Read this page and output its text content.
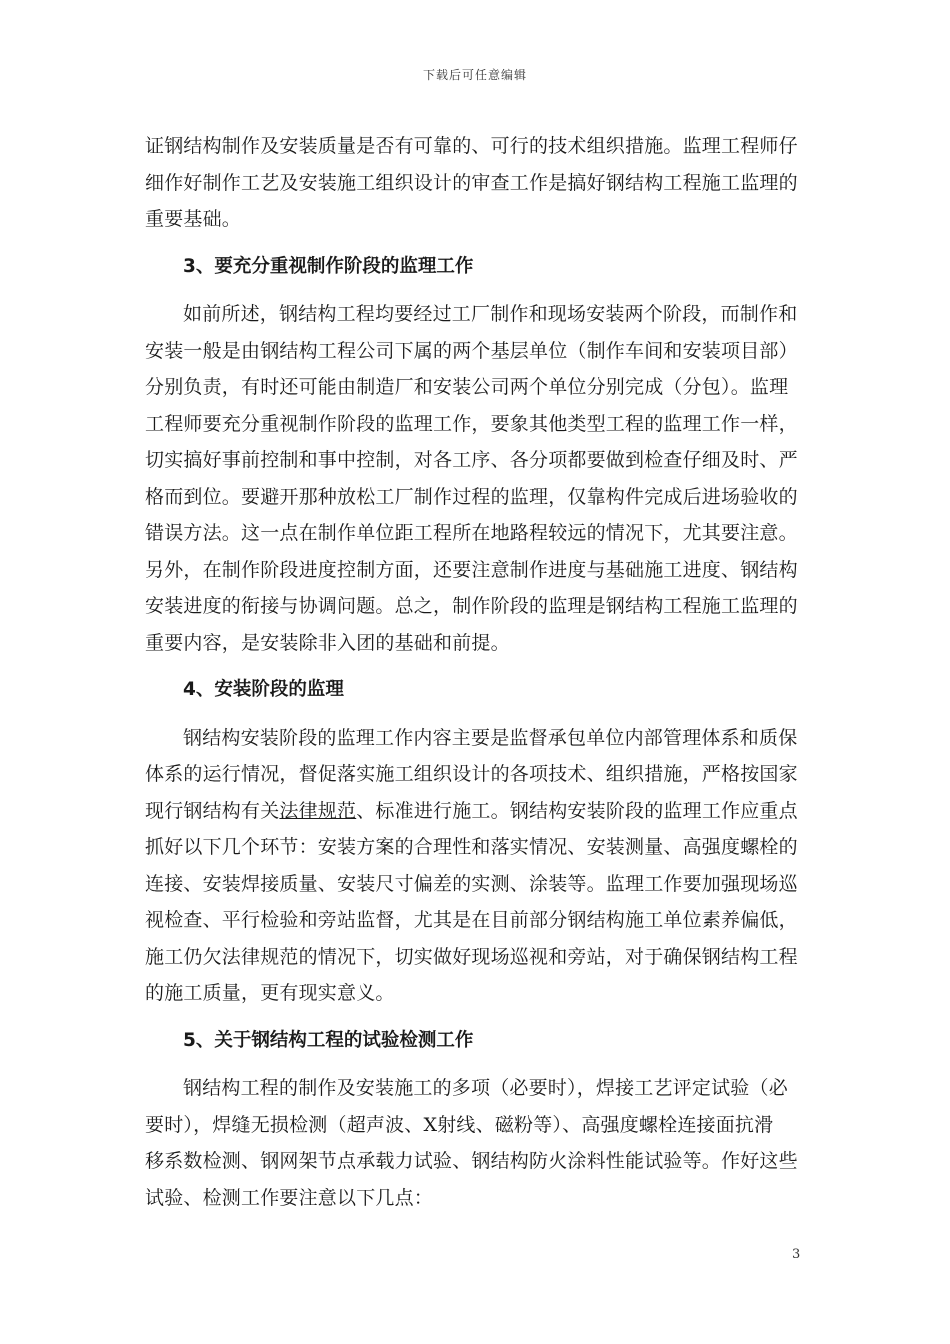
下载后可任意编辑
证钢结构制作及安装质量是否有可靠的、可行的技术组织措施。监理工程师仔
细作好制作工艺及安装施工组织设计的审查工作是搞好钢结构工程施工监理的
重要基础。
3、要充分重视制作阶段的监理工作
如前所述，钢结构工程均要经过工厂制作和现场安装两个阶段，而制作和
安装一般是由钢结构工程公司下属的两个基层单位（制作车间和安装项目部）
分别负责，有时还可能由制造厂和安装公司两个单位分别完成（分包）。监理
工程师要充分重视制作阶段的监理工作，要象其他类型工程的监理工作一样，
切实搞好事前控制和事中控制，对各工序、各分项都要做到检查仔细及时、严
格而到位。要避开那种放松工厂制作过程的监理，仅靠构件完成后进场验收的
错误方法。这一点在制作单位距工程所在地路程较远的情况下，尤其要注意。
另外，在制作阶段进度控制方面，还要注意制作进度与基础施工进度、钢结构
安装进度的衔接与协调问题。总之，制作阶段的监理是钢结构工程施工监理的
重要内容，是安装除非入团的基础和前提。
4、安装阶段的监理
钢结构安装阶段的监理工作内容主要是监督承包单位内部管理体系和质保
体系的运行情况，督促落实施工组织设计的各项技术、组织措施，严格按国家
现行钢结构有关法律规范、标准进行施工。钢结构安装阶段的监理工作应重点
抓好以下几个环节：安装方案的合理性和落实情况、安装测量、高强度螺栓的
连接、安装焊接质量、安装尺寸偏差的实测、涂装等。监理工作要加强现场巡
视检查、平行检验和旁站监督，尤其是在目前部分钢结构施工单位素养偏低，
施工仍欠法律规范的情况下，切实做好现场巡视和旁站，对于确保钢结构工程
的施工质量，更有现实意义。
5、关于钢结构工程的试验检测工作
钢结构工程的制作及安装施工的多项（必要时），焊接工艺评定试验（必
要时），焊缝无损检测（超声波、X射线、磁粉等）、高强度螺栓连接面抗滑
移系数检测、钢网架节点承载力试验、钢结构防火涂料性能试验等。作好这些
试验、检测工作要注意以下几点：
3
